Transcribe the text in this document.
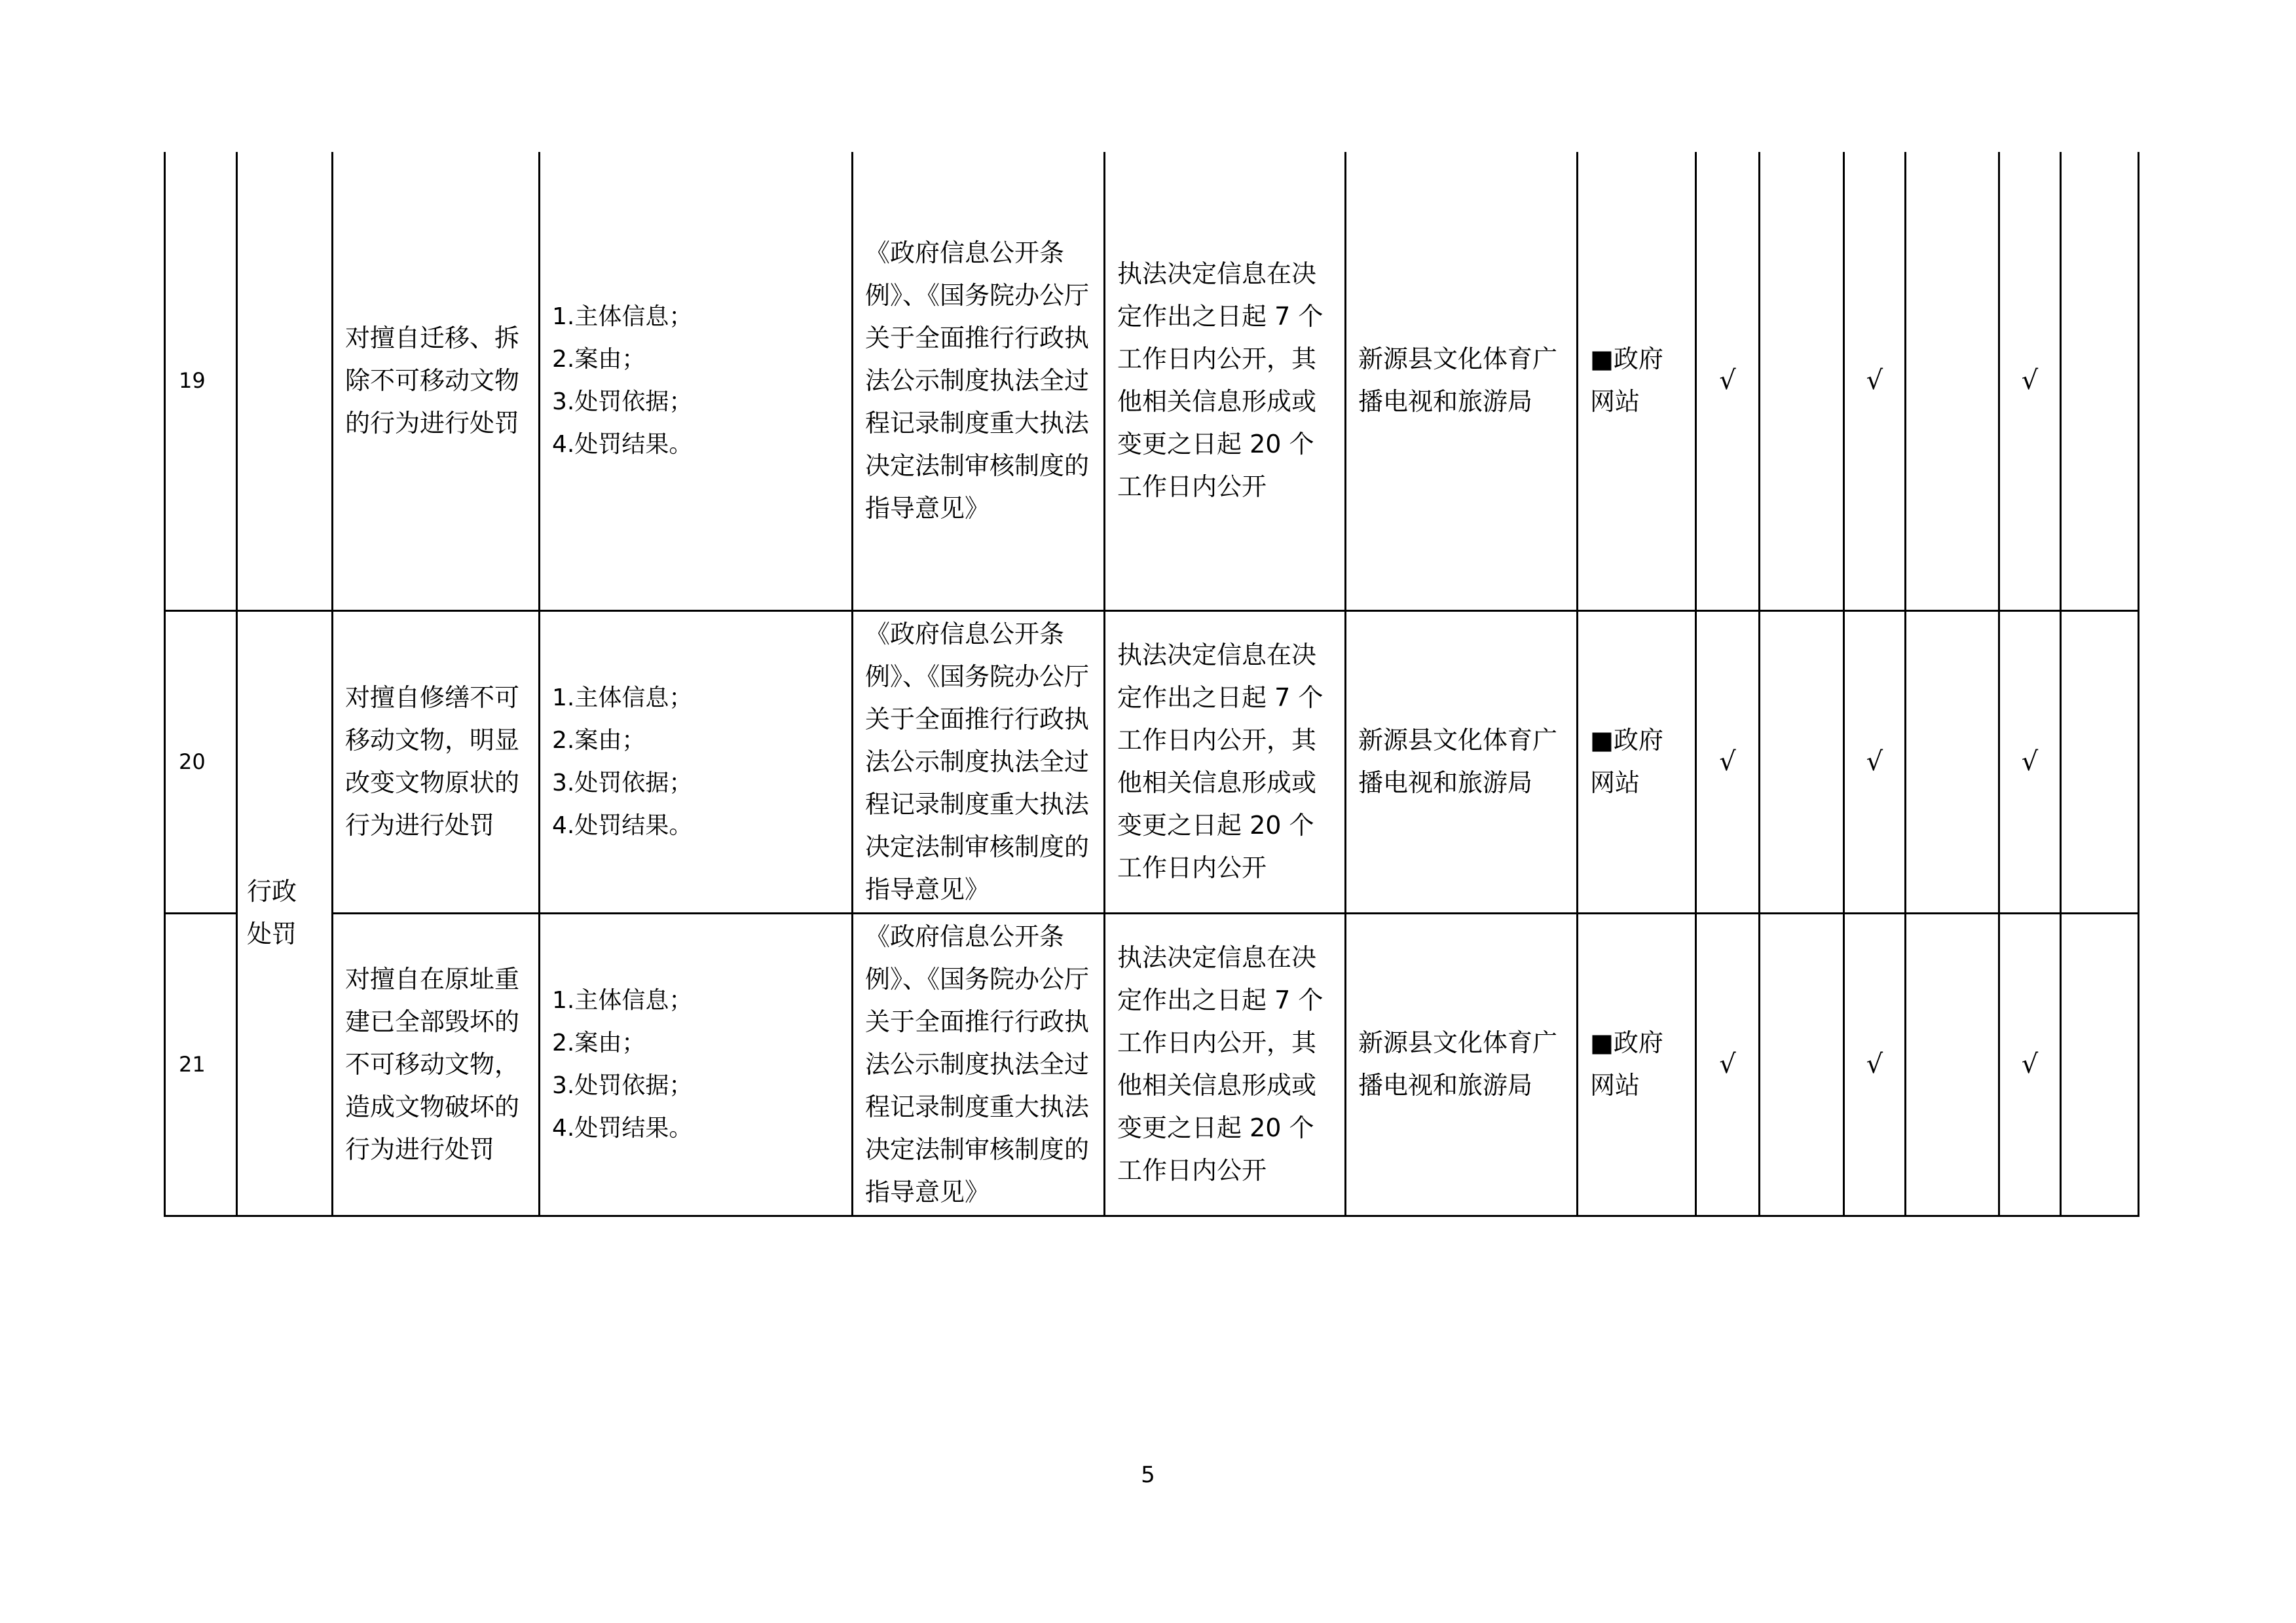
19		对擅自迁移、拆除不可移动文物的行为进行处罚	1.主体信息；
2.案由；
3.处罚依据；
4.处罚结果。	《政府信息公开条例》、《国务院办公厅关于全面推行行政执法公示制度执法全过程记录制度重大执法决定法制审核制度的指导意见》	执法决定信息在决定作出之日起 7 个工作日内公开，其他相关信息形成或变更之日起 20 个工作日内公开	新源县文化体育广播电视和旅游局	■政府网站	√		√		√	
20	行政
处罚	对擅自修缮不可移动文物，明显改变文物原状的行为进行处罚	1.主体信息；
2.案由；
3.处罚依据；
4.处罚结果。	《政府信息公开条例》、《国务院办公厅关于全面推行行政执法公示制度执法全过程记录制度重大执法决定法制审核制度的指导意见》	执法决定信息在决定作出之日起 7 个工作日内公开，其他相关信息形成或变更之日起 20 个工作日内公开	新源县文化体育广播电视和旅游局	■政府网站	√		√		√	
21		对擅自在原址重建已全部毁坏的不可移动文物，造成文物破坏的行为进行处罚	1.主体信息；
2.案由；
3.处罚依据；
4.处罚结果。	《政府信息公开条例》、《国务院办公厅关于全面推行行政执法公示制度执法全过程记录制度重大执法决定法制审核制度的指导意见》	执法决定信息在决定作出之日起 7 个工作日内公开，其他相关信息形成或变更之日起 20 个工作日内公开	新源县文化体育广播电视和旅游局	■政府网站	√		√		√	
5
